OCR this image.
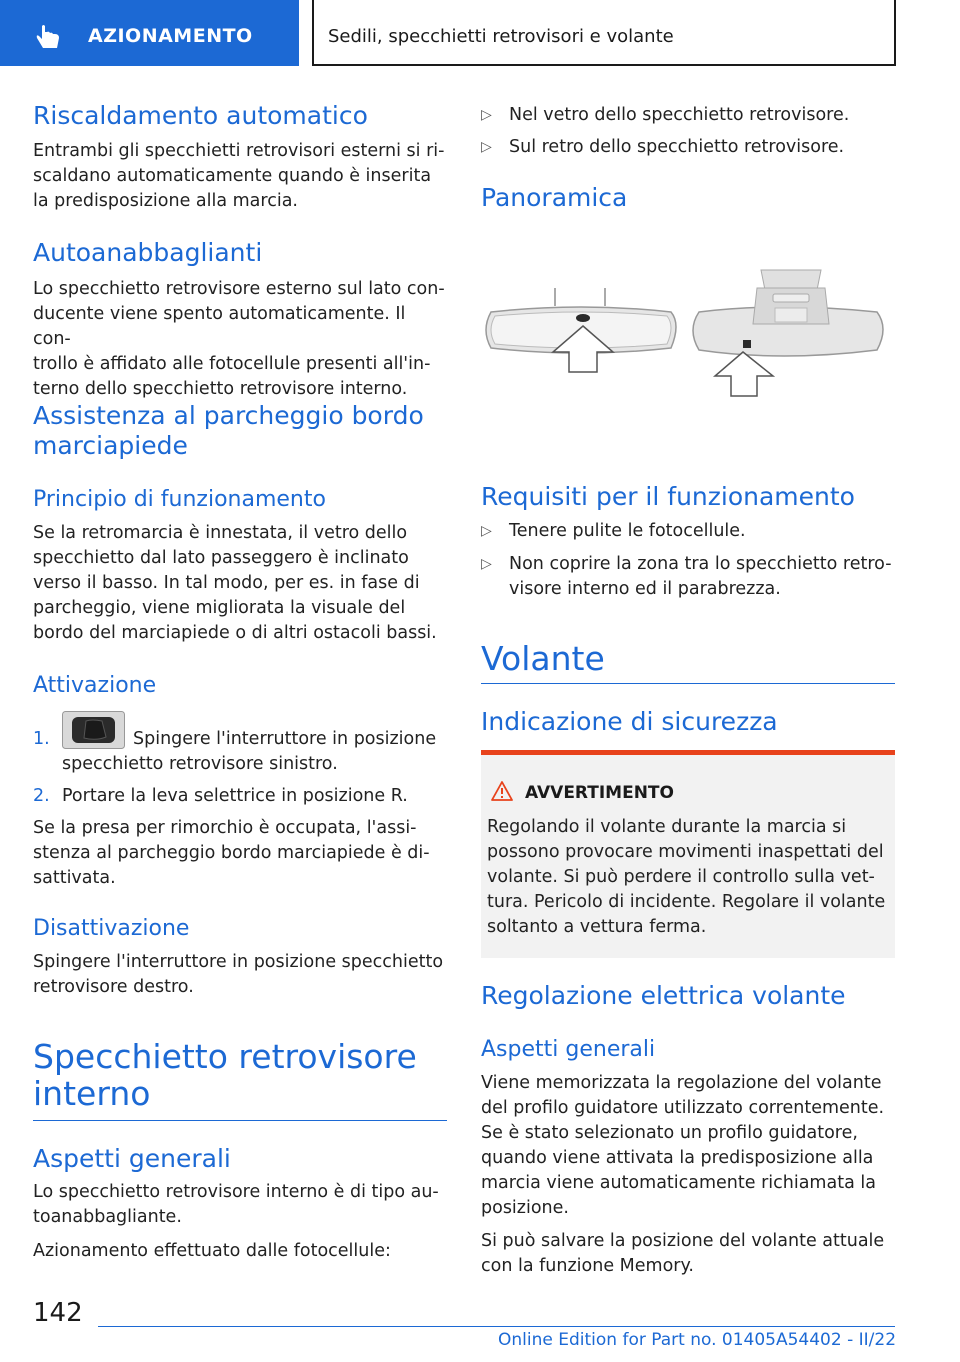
AZIONAMENTO	Sedili, specchietti retrovisori e volante
Riscaldamento automatico
Entrambi gli specchietti retrovisori esterni si ri-
scaldano automaticamente quando è inserita
la predisposizione alla marcia.
Autoanabbaglianti
Lo specchietto retrovisore esterno sul lato con-
ducente viene spento automaticamente. Il con-
trollo è affidato alle fotocellule presenti all'in-
terno dello specchietto retrovisore interno.
Assistenza al parcheggio bordo
marciapiede
Principio di funzionamento
Se la retromarcia è innestata, il vetro dello
specchietto dal lato passeggero è inclinato
verso il basso. In tal modo, per es. in fase di
parcheggio, viene migliorata la visuale del
bordo del marciapiede o di altri ostacoli bassi.
Attivazione
1.	Spingere l'interruttore in posizione
specchietto retrovisore sinistro.
2. Portare la leva selettrice in posizione R.
Se la presa per rimorchio è occupata, l'assi-
stenza al parcheggio bordo marciapiede è di-
sattivata.
Disattivazione
Spingere l'interruttore in posizione specchietto
retrovisore destro.
Specchietto retrovisore
interno
Aspetti generali
Lo specchietto retrovisore interno è di tipo au-
toanabbagliante.
Azionamento effettuato dalle fotocellule:
▷ Nel vetro dello specchietto retrovisore.
▷ Sul retro dello specchietto retrovisore.
Panoramica
Requisiti per il funzionamento
▷ Tenere pulite le fotocellule.
▷ Non coprire la zona tra lo specchietto retro-
visore interno ed il parabrezza.
Volante
Indicazione di sicurezza
AVVERTIMENTO
Regolando il volante durante la marcia si
possono provocare movimenti inaspettati del
volante. Si può perdere il controllo sulla vet-
tura. Pericolo di incidente. Regolare il volante
soltanto a vettura ferma.
Regolazione elettrica volante
Aspetti generali
Viene memorizzata la regolazione del volante
del profilo guidatore utilizzato correntemente.
Se è stato selezionato un profilo guidatore,
quando viene attivata la predisposizione alla
marcia viene automaticamente richiamata la
posizione.
Si può salvare la posizione del volante attuale
con la funzione Memory.
142
Online Edition for Part no. 01405A54402 - II/22
